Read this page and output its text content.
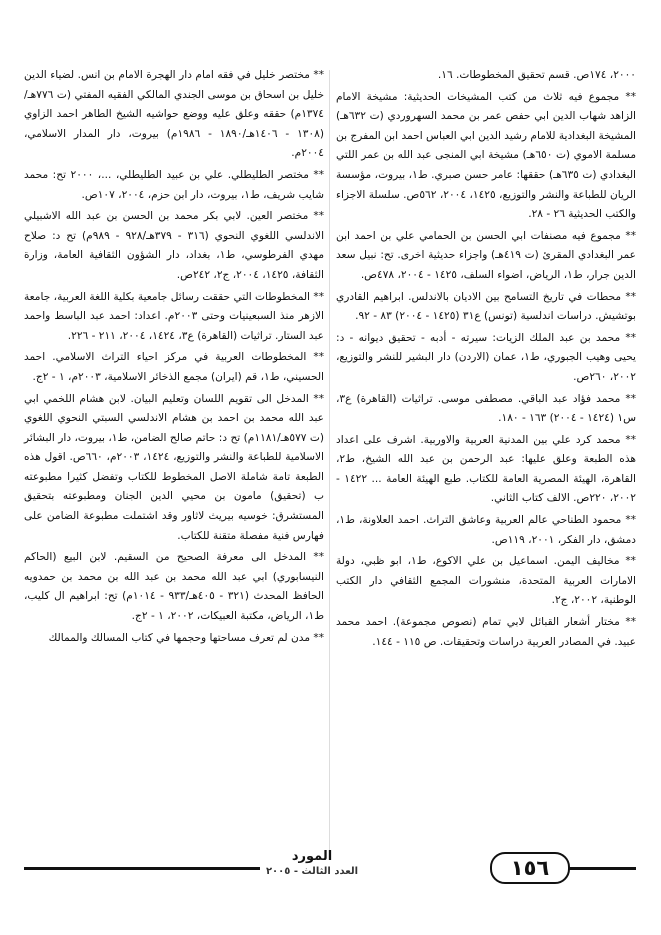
٢٠٠٠، ١٧٤ص. قسم تحقيق المخطوطات. ١٦.

** مجموع فيه ثلاث من كتب المشيخات الحديثية: مشيخة الامام الزاهد شهاب الدين ابي حفص عمر بن محمد السهروردي (ت ٦٣٢هـ) المشيخة البغدادية للامام رشيد الدين ابي العباس احمد ابن المفرج بن مسلمة الاموي (ت ٦٥٠هـ) مشيخة ابي المنجى عبد الله بن عمر اللتي البغدادي (ت ٦٣٥هـ) حققها: عامر حسن صبري. ط١، بيروت، مؤسسة الريان للطباعة والنشر والتوزيع، ١٤٢٥، ٢٠٠٤، ٥٦٢ص. سلسلة الاجزاء والكتب الحديثية ٢٦ - ٢٨.

** مجموع فيه مصنفات ابي الحسن بن الحمامي علي بن احمد ابن عمر البغدادي المقرئ (ت ٤١٩هـ) واجزاء حديثية اخرى. تح: نبيل سعد الدين جرار، ط١، الرياض، اضواء السلف، ١٤٢٥ - ٢٠٠٤، ٤٧٨ص.

** محطات في تاريخ التسامح بين الاديان بالاندلس. ابراهيم القادري بوتشيش. دراسات اندلسية (تونس) ع٣١ (١٤٢٥ - ٢٠٠٤) ٨٣ - ٩٢.

** محمد بن عبد الملك الزيات: سيرته - أدبه - تحقيق ديوانه - د: يحيى وهيب الجبوري، ط١، عمان (الاردن) دار البشير للنشر والتوزيع، ٢٠٠٢، ٢٦٠ص.

** محمد فؤاد عبد الباقي. مصطفى موسى. تراثيات (القاهرة) ع٣، س١ (١٤٢٤ - ٢٠٠٤) ١٦٣ - ١٨٠.

** محمد كرد علي بين المدنية العربية والاوربية. اشرف على اعداد هذه الطبعة وعلق عليها: عبد الرحمن بن عبد الله الشيخ، ط٢، القاهرة، الهيئة المصرية العامة للكتاب. طبع الهيئة العامة ... ١٤٢٢ - ٢٠٠٢، ٢٢٠ص. الالف كتاب الثاني.

** محمود الطناحي عالم العربية وعاشق التراث. احمد العلاونة، ط١، دمشق، دار الفكر، ٢٠٠١، ١١٩ص.

** مخاليف اليمن. اسماعيل بن علي الاكوع، ط١، ابو ظبي، دولة الامارات العربية المتحدة، منشورات المجمع الثقافي دار الكتب الوطنية، ٢٠٠٢، ج٢.

** مختار أشعار القبائل لابي تمام (نصوص مجموعة). احمد محمد عبيد. في المصادر العربية دراسات وتحقيقات. ص ١١٥ - ١٤٤.

** مختصر خليل في فقه امام دار الهجرة الامام بن انس. لضياء الدين خليل بن اسحاق بن موسى الجندي المالكي الفقيه المفتي (ت ٧٧٦هـ/١٣٧٤م) حققه وعلق عليه ووضع حواشيه الشيخ الطاهر احمد الزاوي (١٣٠٨ - ١٤٠٦هـ/١٨٩٠ - ١٩٨٦م) بيروت، دار المدار الاسلامي، ٢٠٠٤م.

** مختصر الطليطلي. علي بن عبيد الطليطلي، ...، ٢٠٠٠ تح: محمد شايب شريف، ط١، بيروت، دار ابن حزم، ٢٠٠٤، ١٠٧ص.

** مختصر العين. لابي بكر محمد بن الحسن بن عبد الله الاشبيلي الاندلسي اللغوي النحوي (٣١٦ - ٣٧٩هـ/٩٢٨ - ٩٨٩م) تح د: صلاح مهدي الفرطوسي، ط١، بغداد، دار الشؤون الثقافية العامة، وزارة الثقافة، ١٤٢٥، ٢٠٠٤، ج٢، ٢٤٢ص.

** المخطوطات التي حققت رسائل جامعية بكلية اللغة العربية، جامعة الازهر منذ السبعينيات وحتى ٢٠٠٣م. اعداد: احمد عبد الباسط واحمد عبد الستار. تراثيات (القاهرة) ع٣، ١٤٢٤، ٢٠٠٤، ٢١١ - ٢٢٦.

** المخطوطات العربية في مركز احياء التراث الاسلامي. احمد الحسيني، ط١، قم (ايران) مجمع الذخائر الاسلامية، ٢٠٠٣م، ١ - ٢ج.

** المدخل الى تقويم اللسان وتعليم البيان. لابن هشام اللخمي ابي عبد الله محمد بن احمد بن هشام الاندلسي السبتي النحوي اللغوي (ت ٥٧٧هـ/١١٨١م) تح د: حاتم صالح الضامن، ط١، بيروت، دار البشائر الاسلامية للطباعة والنشر والتوزيع، ١٤٢٤، ٢٠٠٣م، ٦٦٠ص. اقول هذه الطبعة تامة شاملة الاصل المخطوط للكتاب وتفضل كثيرا مطبوعته ب (تحقيق) مامون بن محيي الدين الجنان ومطبوعته بتحقيق المستشرق: خوسيه بيريث لاثاور وقد اشتملت مطبوعة الضامن على فهارس فنية مفصلة متقنة للكتاب.

** المدخل الى معرفة الصحيح من السقيم. لابن البيع (الحاكم النيسابوري) ابي عبد الله محمد بن عبد الله بن محمد بن حمدويه الحافظ المحدث (٣٢١ - ٤٠٥هـ/٩٣٣ - ١٠١٤م) تح: ابراهيم ال كليب، ط١، الرياض، مكتبة العبيكات، ٢٠٠٢، ١ - ٢ج.

** مدن لم تعرف مساحتها وحجمها في كتاب المسالك والممالك

المورد
العدد الثالث - ٢٠٠٥	١٥٦
